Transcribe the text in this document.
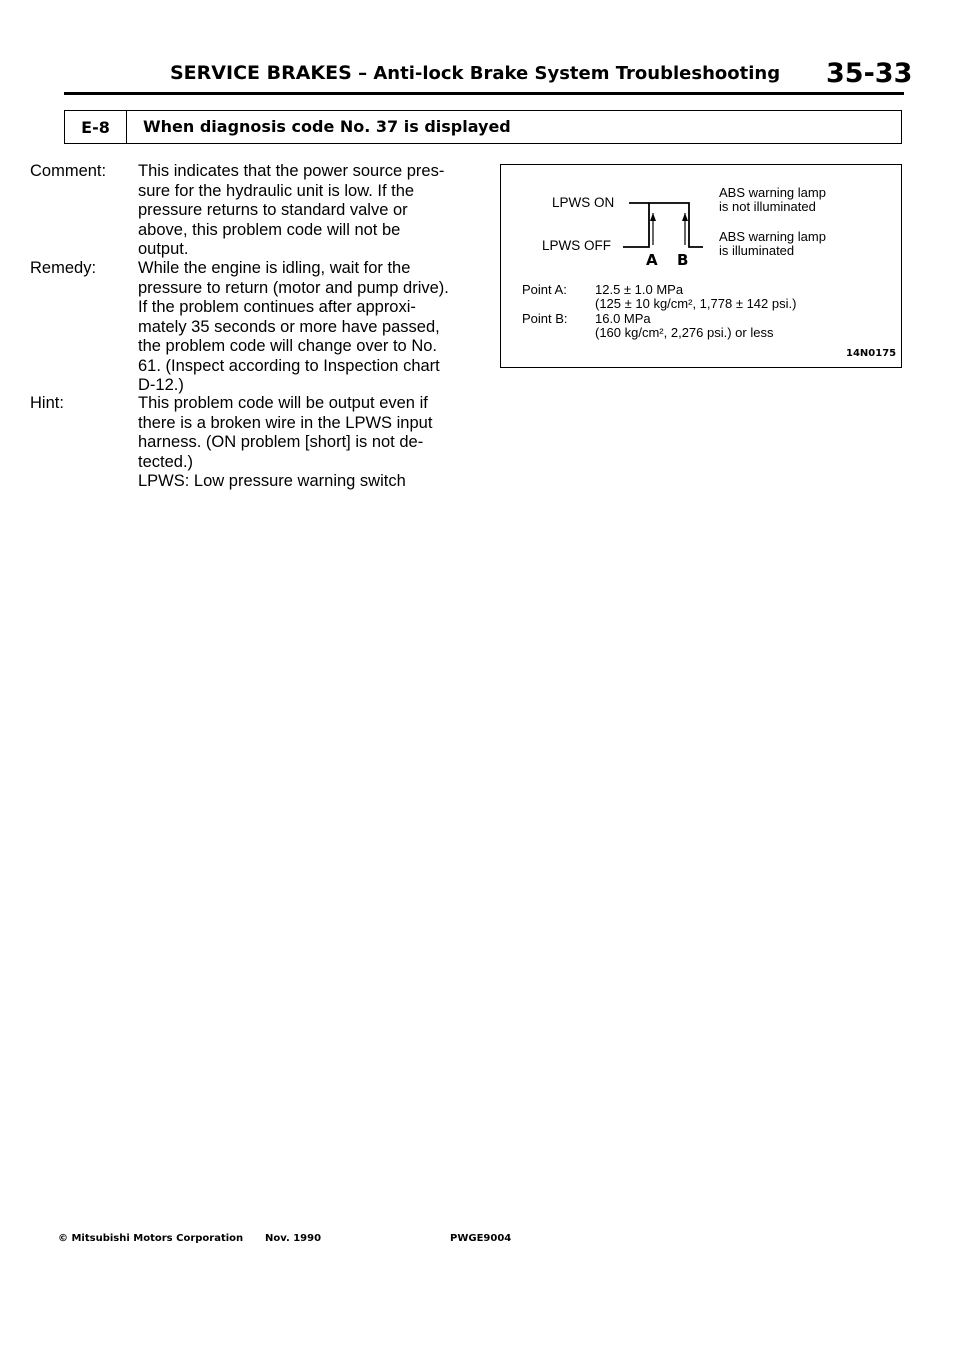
SERVICE BRAKES – Anti-lock Brake System Troubleshooting 35-33
E-8	When diagnosis code No. 37 is displayed
Comment: This indicates that the power source pres-
sure for the hydraulic unit is low. If the
pressure returns to standard valve or
above, this problem code will not be
output.
Remedy:	While the engine is idling, wait for the
pressure to return (motor and pump drive).
If the problem continues after approxi-
mately 35 seconds or more have passed,
the problem code will change over to No.
61. (Inspect according to Inspection chart
D-12.)
Hint:	This problem code will be output even if
there is a broken wire in the LPWS input
harness. (ON problem [short] is not de-
tected.)
LPWS: Low pressure warning switch
LPWS ON
LPWS OFF
A B
ABS warning lamp
is not illuminated
ABS warning lamp
is illuminated
Point A: 12.5 ± 1.0 MPa
(125 ± 10 kg/cm², 1,778 ± 142 psi.)
Point B: 16.0 MPa
(160 kg/cm², 2,276 psi.) or less
14N0175
© Mitsubishi Motors Corporation Nov. 1990	PWGE9004
